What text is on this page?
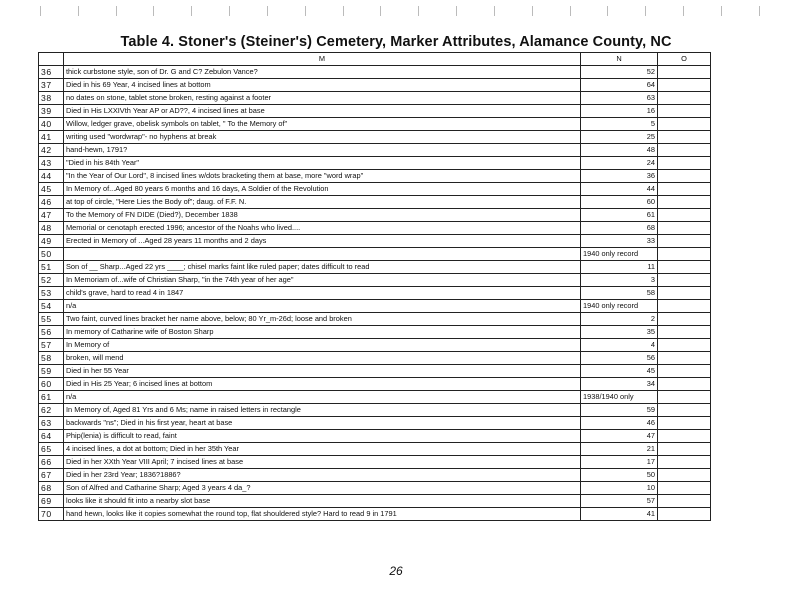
Table 4. Stoner's (Steiner's) Cemetery, Marker Attributes, Alamance County, NC
	M	N	O
36	thick curbstone style, son of Dr. G and C? Zebulon Vance?	52	
37	Died in his 69 Year, 4 incised lines at bottom	64	
38	no dates on stone, tablet stone broken, resting against a footer	63	
39	Died in His LXXIVth Year AP or AD??, 4 incised lines at base	16	
40	Willow, ledger grave, obelisk symbols on tablet, " To the Memory of"	5	
41	writing used "wordwrap"- no hyphens at break	25	
42	hand-hewn, 1791?	48	
43	"Died in his 84th Year"	24	
44	"In the Year of Our Lord", 8 incised lines w/dots bracketing them at base, more "word wrap"	36	
45	In Memory of...Aged 80 years 6 months and 16 days, A Soldier of the Revolution	44	
46	at top of circle, "Here Lies the Body of"; daug. of F.F. N.	60	
47	To the Memory of FN DIDE (Died?), December 1838	61	
48	Memorial or cenotaph erected 1996; ancestor of the Noahs who lived....	68	
49	Erected in Memory of ...Aged 28 years 11 months and 2 days	33	
50		1940 only record	
51	Son of __ Sharp...Aged 22 yrs ____; chisel marks faint like ruled paper; dates difficult to read	11	
52	In Memoriam of...wife of Christian Sharp, "in the 74th year of her age"	3	
53	child's grave, hard to read 4 in 1847	58	
54	n/a	1940 only record	
55	Two faint, curved lines bracket her name above, below; 80 Yr_m-26d; loose and broken	2	
56	In memory of Catharine wife of Boston Sharp	35	
57	In Memory of	4	
58	broken, will mend	56	
59	Died in her 55 Year	45	
60	Died in His 25 Year; 6 incised lines at bottom	34	
61	n/a	1938/1940 only	
62	In Memory of, Aged 81 Yrs and 6 Ms; name in raised letters in rectangle	59	
63	backwards "ns"; Died in his first year, heart at base	46	
64	Phip(lenia) is difficult to read, faint	47	
65	4 incised lines, a dot at bottom; Died in her 35th Year	21	
66	Died in her XXth Year VIII April; 7 incised lines at base	17	
67	Died in her 23rd Year; 1836?1886?	50	
68	Son of Alfred and Catharine Sharp; Aged 3 years 4 da_?	10	
69	looks like it should fit into a nearby slot base	57	
70	hand hewn, looks like it copies somewhat the round top, flat shouldered style? Hard to read 9 in 1791	41	
26
